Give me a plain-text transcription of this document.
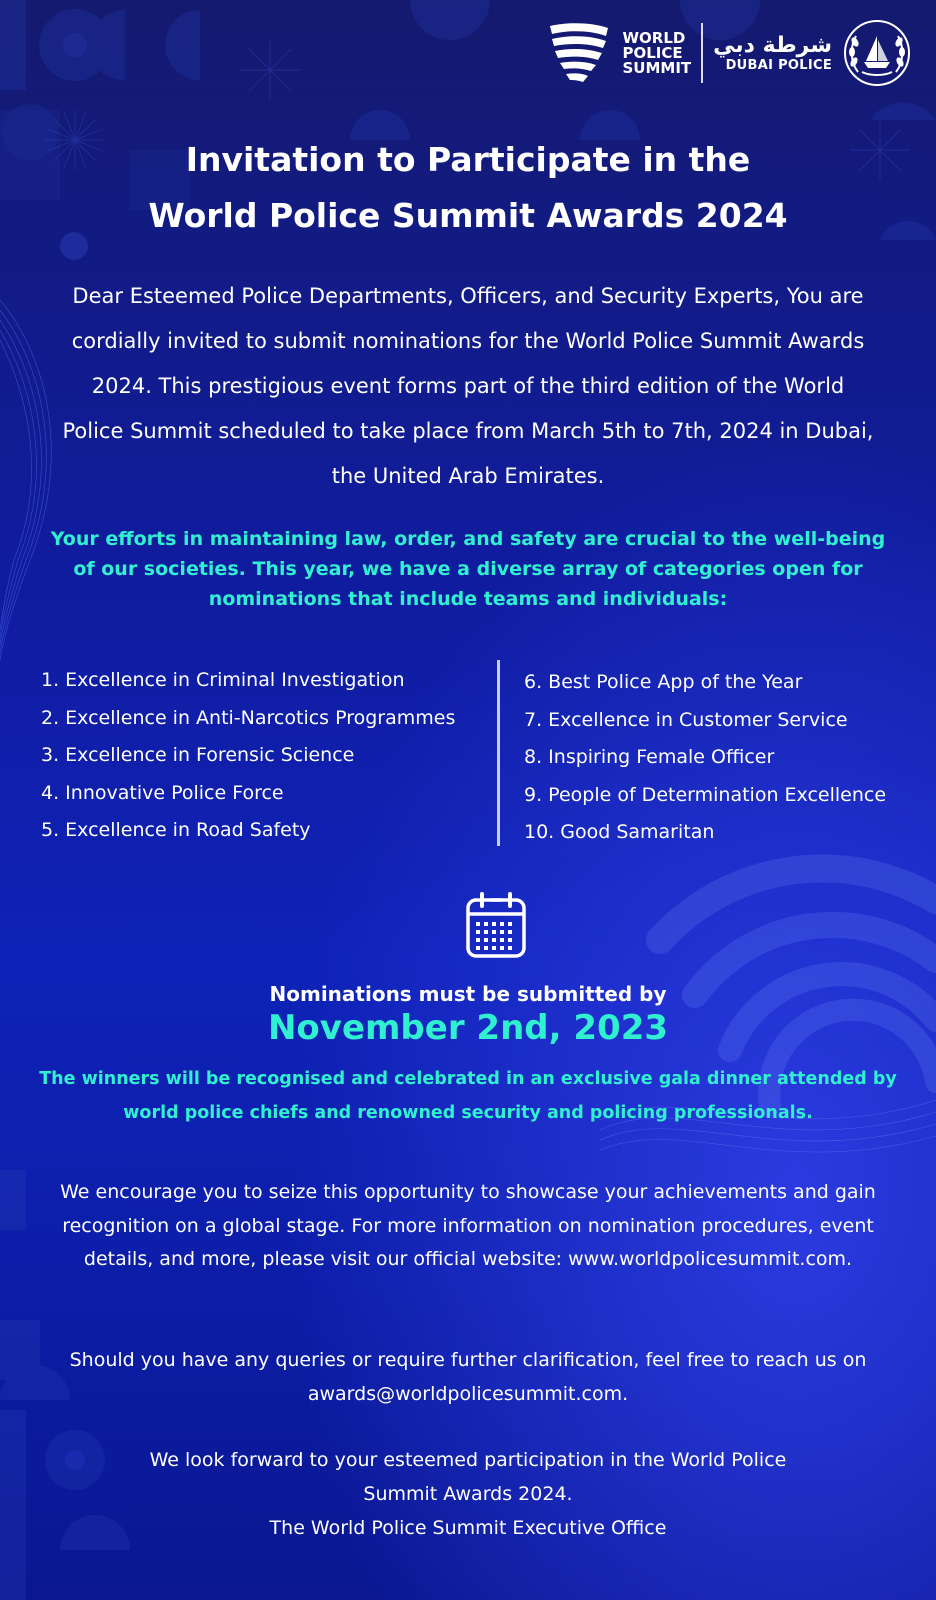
WORLD
POLICE
SUMMIT
شرطة دبي
DUBAI POLICE
Invitation to Participate in the
World Police Summit Awards 2024

Dear Esteemed Police Departments, Officers, and Security Experts, You are cordially invited to submit nominations for the World Police Summit Awards 2024. This prestigious event forms part of the third edition of the World Police Summit scheduled to take place from March 5th to 7th, 2024 in Dubai, the United Arab Emirates.

Your efforts in maintaining law, order, and safety are crucial to the well-being of our societies. This year, we have a diverse array of categories open for nominations that include teams and individuals:

1. Excellence in Criminal Investigation
2. Excellence in Anti-Narcotics Programmes
3. Excellence in Forensic Science
4. Innovative Police Force
5. Excellence in Road Safety
6. Best Police App of the Year
7. Excellence in Customer Service
8. Inspiring Female Officer
9. People of Determination Excellence
10. Good Samaritan

Nominations must be submitted by

November 2nd, 2023

The winners will be recognised and celebrated in an exclusive gala dinner attended by world police chiefs and renowned security and policing professionals.

We encourage you to seize this opportunity to showcase your achievements and gain recognition on a global stage. For more information on nomination procedures, event details, and more, please visit our official website: www.worldpolicesummit.com.

Should you have any queries or require further clarification, feel free to reach us on awards@worldpolicesummit.com.

We look forward to your esteemed participation in the World Police Summit Awards 2024.

The World Police Summit Executive Office
